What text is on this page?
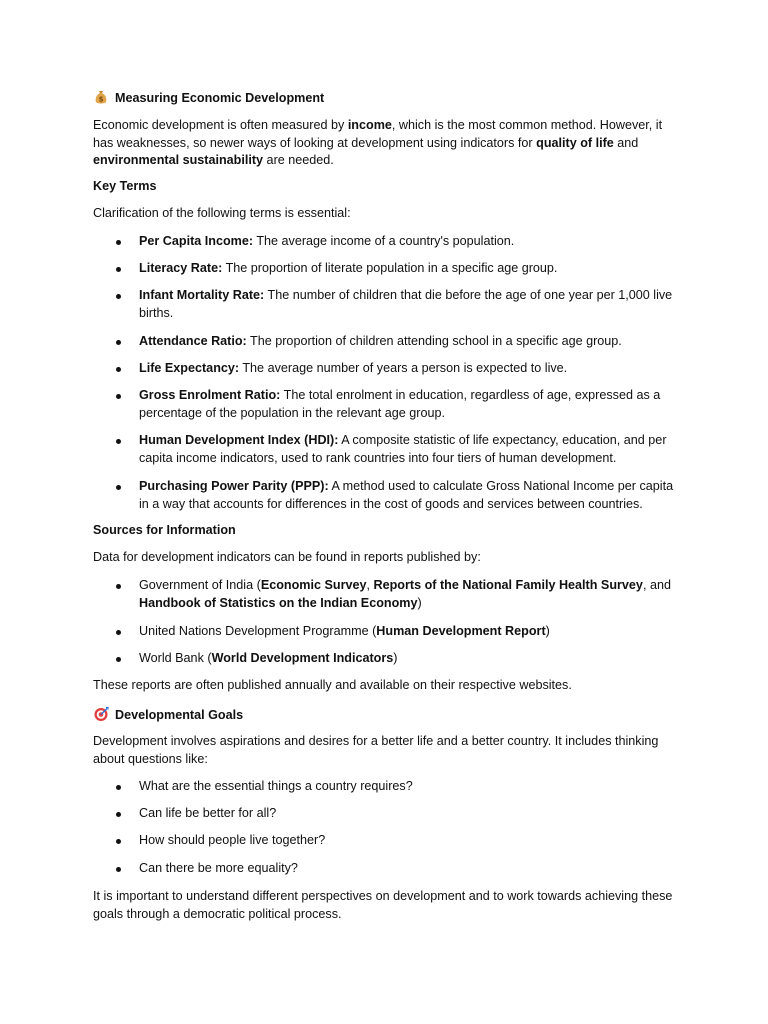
$ Measuring Economic Development

Economic development is often measured by income, which is the most common method. However, it has weaknesses, so newer ways of looking at development using indicators for quality of life and environmental sustainability are needed.

Key Terms

Clarification of the following terms is essential:

Per Capita Income: The average income of a country's population.
Literacy Rate: The proportion of literate population in a specific age group.
Infant Mortality Rate: The number of children that die before the age of one year per 1,000 live births.
Attendance Ratio: The proportion of children attending school in a specific age group.
Life Expectancy: The average number of years a person is expected to live.
Gross Enrolment Ratio: The total enrolment in education, regardless of age, expressed as a percentage of the population in the relevant age group.
Human Development Index (HDI): A composite statistic of life expectancy, education, and per capita income indicators, used to rank countries into four tiers of human development.
Purchasing Power Parity (PPP): A method used to calculate Gross National Income per capita in a way that accounts for differences in the cost of goods and services between countries.
Sources for Information

Data for development indicators can be found in reports published by:

Government of India (Economic Survey, Reports of the National Family Health Survey, and Handbook of Statistics on the Indian Economy)
United Nations Development Programme (Human Development Report)
World Bank (World Development Indicators)

These reports are often published annually and available on their respective websites.

Developmental Goals

Development involves aspirations and desires for a better life and a better country. It includes thinking about questions like:

What are the essential things a country requires?
Can life be better for all?
How should people live together?
Can there be more equality?

It is important to understand different perspectives on development and to work towards achieving these goals through a democratic political process.
